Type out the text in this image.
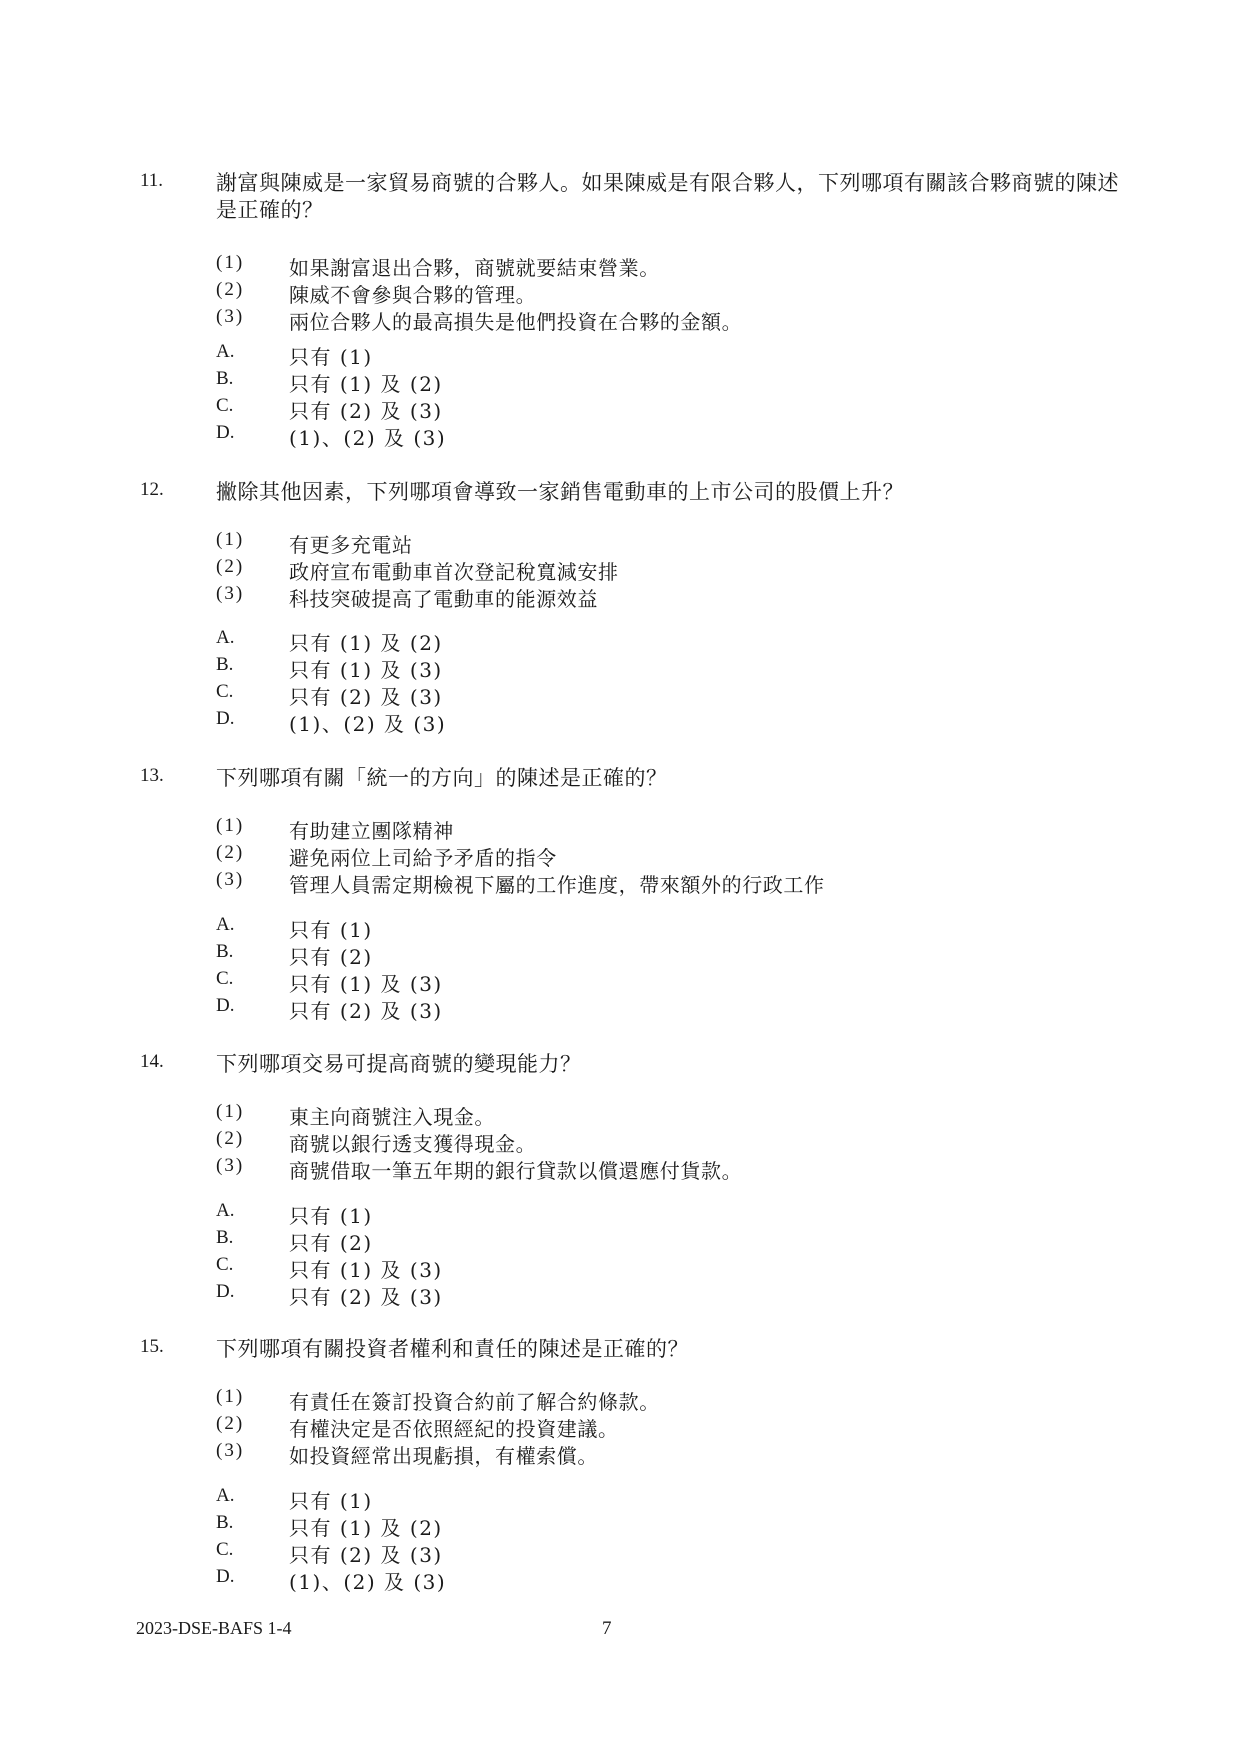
11.	謝富與陳威是一家貿易商號的合夥人。如果陳威是有限合夥人，下列哪項有關該合夥商號的陳述是正確的？
(1) 如果謝富退出合夥，商號就要結束營業。
(2) 陳威不會參與合夥的管理。
(3) 兩位合夥人的最高損失是他們投資在合夥的金額。
A.	只有 (1)
B.	只有 (1) 及 (2)
C.	只有 (2) 及 (3)
D.	(1)、(2) 及 (3)
12. 撇除其他因素，下列哪項會導致一家銷售電動車的上市公司的股價上升？
(1) 有更多充電站
(2) 政府宣布電動車首次登記稅寬減安排
(3) 科技突破提高了電動車的能源效益
A.	只有 (1) 及 (2)
B.	只有 (1) 及 (3)
C.	只有 (2) 及 (3)
D.	(1)、(2) 及 (3)
13. 下列哪項有關「統一的方向」的陳述是正確的？
(1) 有助建立團隊精神
(2) 避免兩位上司給予矛盾的指令
(3) 管理人員需定期檢視下屬的工作進度，帶來額外的行政工作
A.	只有 (1)
B.	只有 (2)
C.	只有 (1) 及 (3)
D.	只有 (2) 及 (3)
14. 下列哪項交易可提高商號的變現能力？
(1) 東主向商號注入現金。
(2) 商號以銀行透支獲得現金。
(3) 商號借取一筆五年期的銀行貸款以償還應付貨款。
A.	只有 (1)
B.	只有 (2)
C.	只有 (1) 及 (3)
D.	只有 (2) 及 (3)
15. 下列哪項有關投資者權利和責任的陳述是正確的？
(1) 有責任在簽訂投資合約前了解合約條款。
(2) 有權決定是否依照經紀的投資建議。
(3) 如投資經常出現虧損，有權索償。
A.	只有 (1)
B.	只有 (1) 及 (2)
C.	只有 (2) 及 (3)
D.	(1)、(2) 及 (3)
2023-DSE-BAFS 1-4	7
